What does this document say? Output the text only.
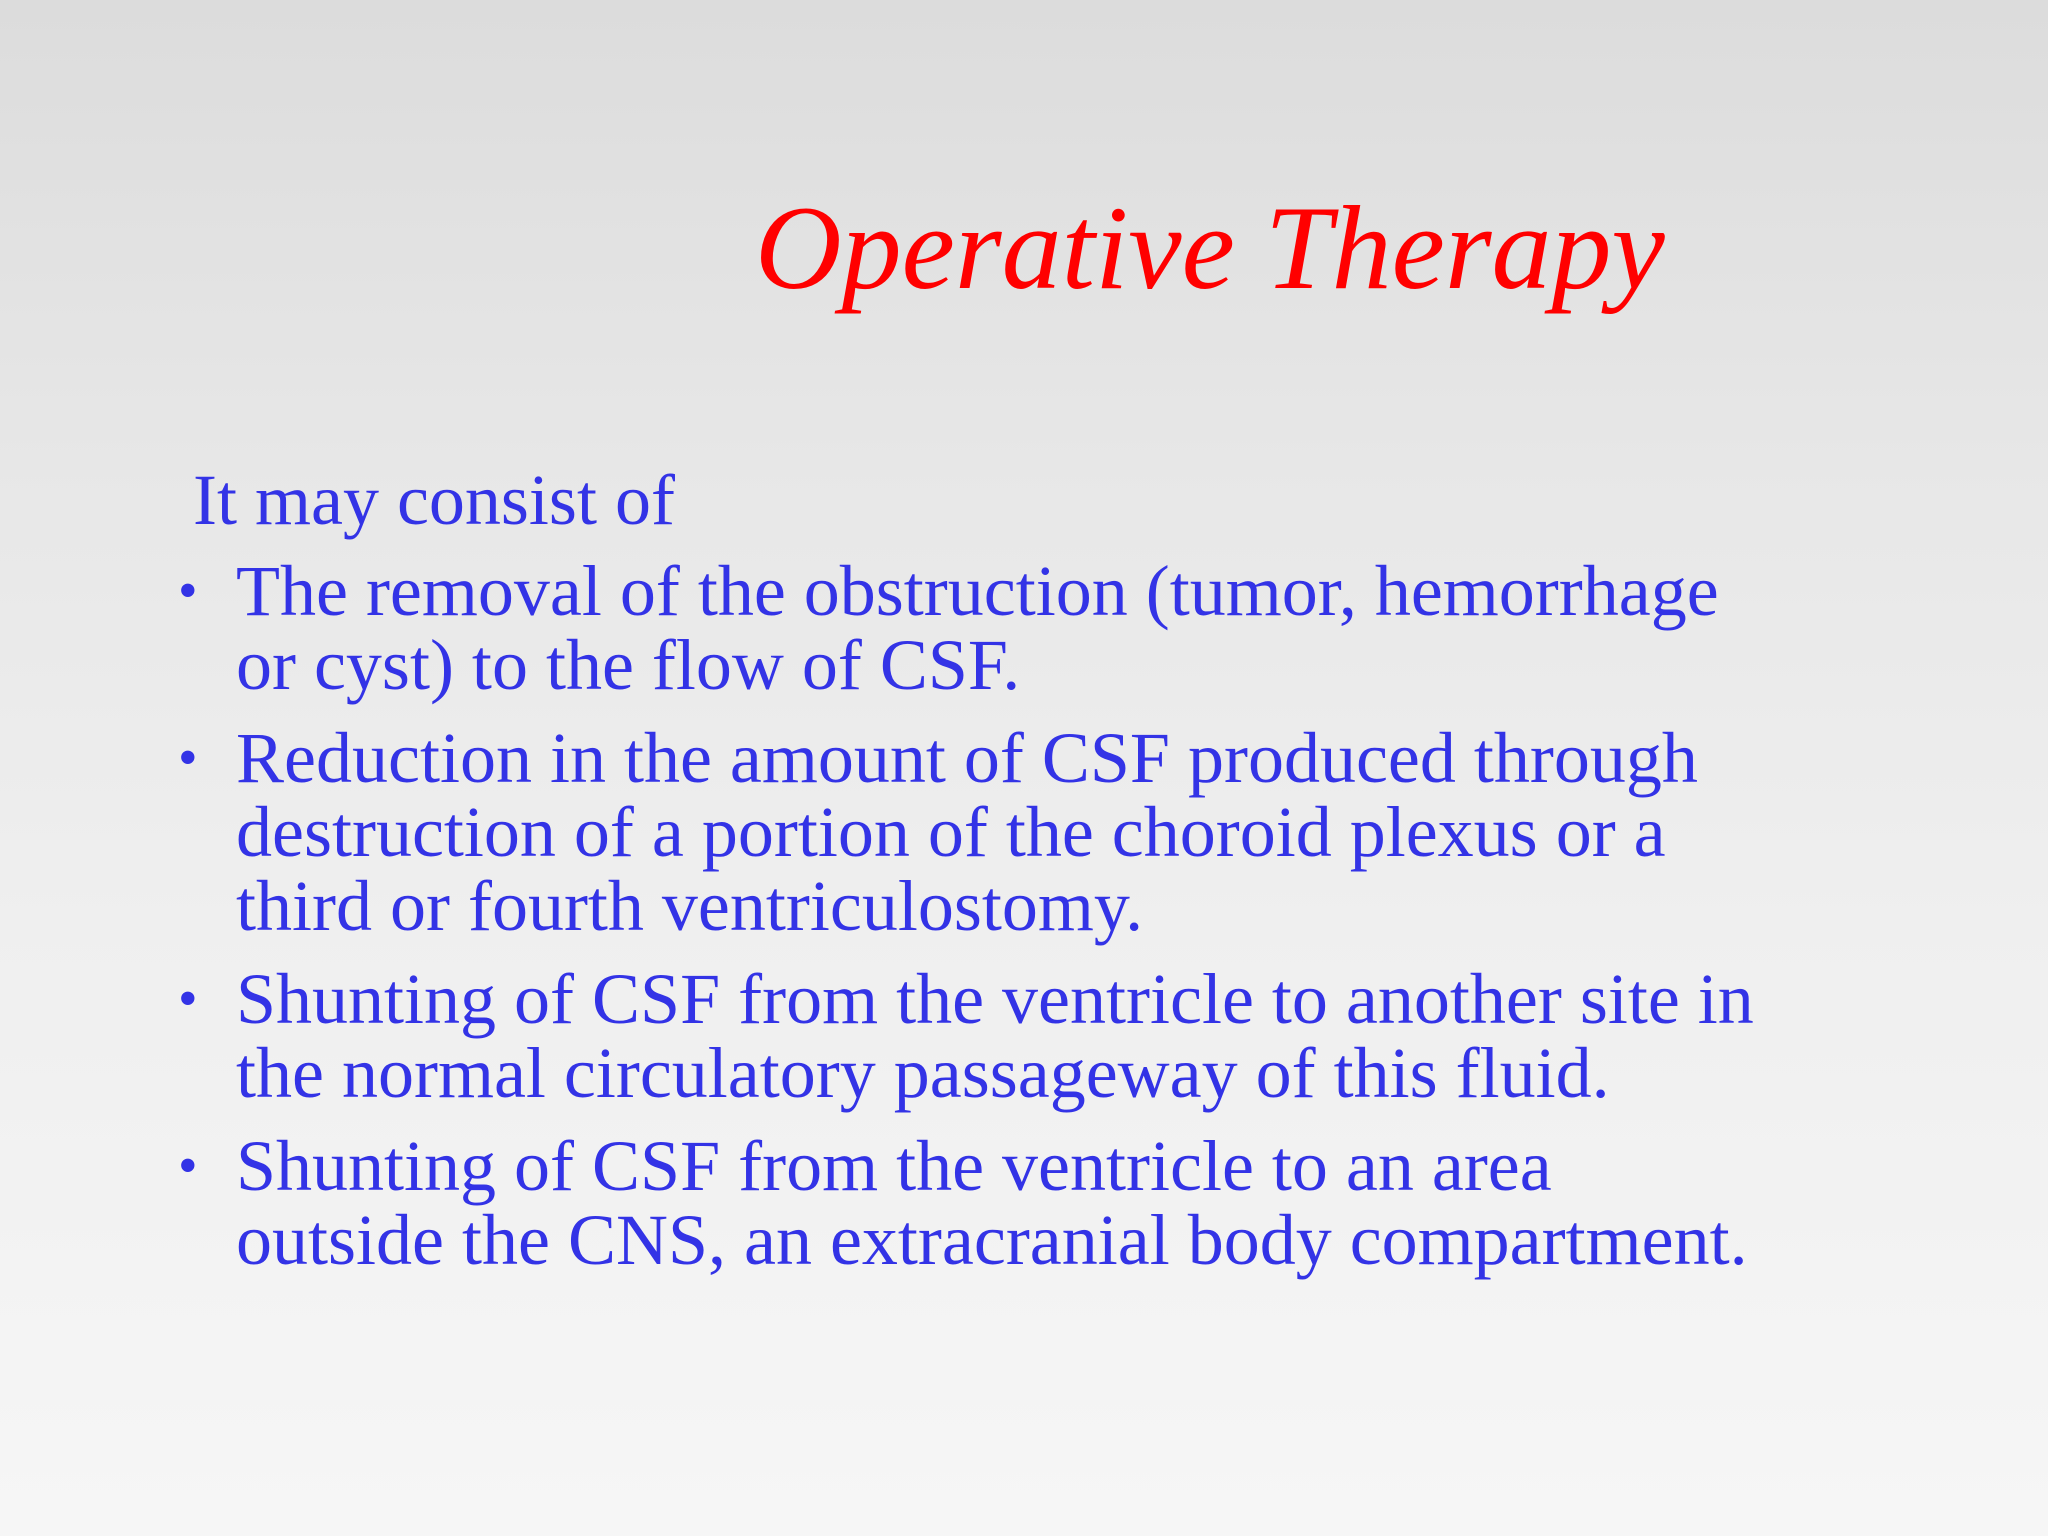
Operative Therapy

It may consist of

• The removal of the obstruction (tumor, hemorrhage
or cyst) to the flow of CSF.
• Reduction in the amount of CSF produced through
destruction of a portion of the choroid plexus or a
third or fourth ventriculostomy.
• Shunting of CSF from the ventricle to another site in
the normal circulatory passageway of this fluid.
• Shunting of CSF from the ventricle to an area
outside the CNS, an extracranial body compartment.
